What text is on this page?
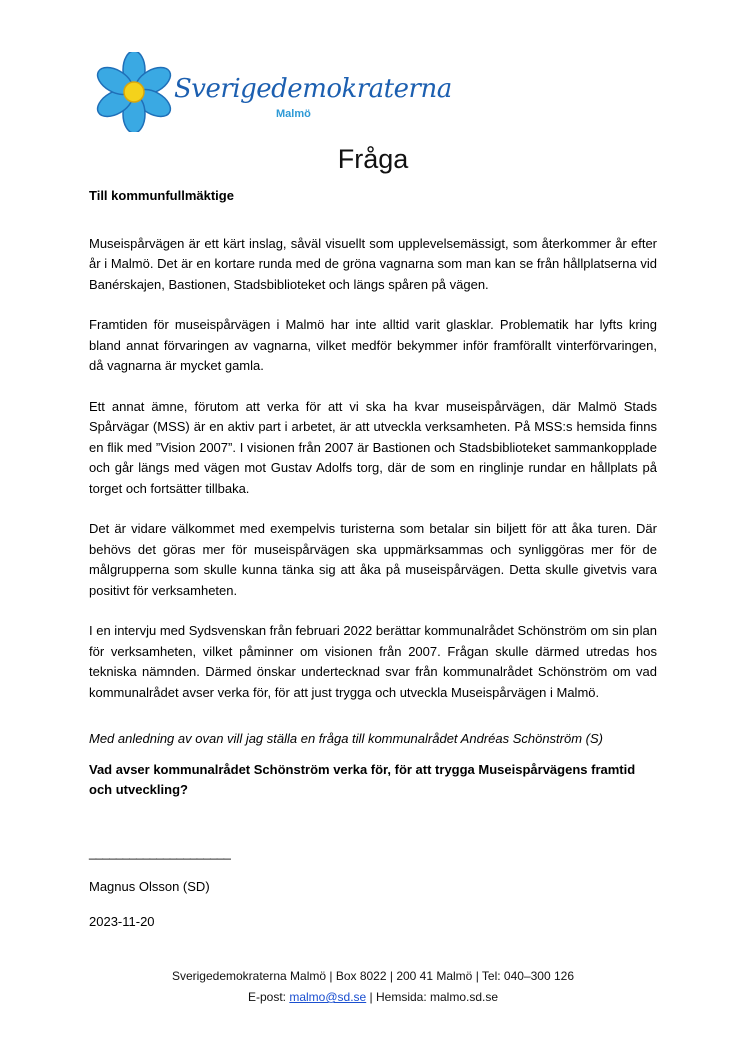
Sverigedemokraterna
Malmö
Fråga

Till kommunfullmäktige

Museispårvägen är ett kärt inslag, såväl visuellt som upplevelsemässigt, som återkommer år efter år i Malmö. Det är en kortare runda med de gröna vagnarna som man kan se från hållplatserna vid Banérskajen, Bastionen, Stadsbiblioteket och längs spåren på vägen.

Framtiden för museispårvägen i Malmö har inte alltid varit glasklar. Problematik har lyfts kring bland annat förvaringen av vagnarna, vilket medför bekymmer inför framförallt vinterförvaringen, då vagnarna är mycket gamla.

Ett annat ämne, förutom att verka för att vi ska ha kvar museispårvägen, där Malmö Stads Spårvägar (MSS) är en aktiv part i arbetet, är att utveckla verksamheten. På MSS:s hemsida finns en flik med ”Vision 2007”. I visionen från 2007 är Bastionen och Stadsbiblioteket sammankopplade och går längs med vägen mot Gustav Adolfs torg, där de som en ringlinje rundar en hållplats på torget och fortsätter tillbaka.

Det är vidare välkommet med exempelvis turisterna som betalar sin biljett för att åka turen. Där behövs det göras mer för museispårvägen ska uppmärksammas och synliggöras mer för de målgrupperna som skulle kunna tänka sig att åka på museispårvägen. Detta skulle givetvis vara positivt för verksamheten.

I en intervju med Sydsvenskan från februari 2022 berättar kommunalrådet Schönström om sin plan för verksamheten, vilket påminner om visionen från 2007. Frågan skulle därmed utredas hos tekniska nämnden. Därmed önskar undertecknad svar från kommunalrådet Schönström om vad kommunalrådet avser verka för, för att just trygga och utveckla Museispårvägen i Malmö.

Med anledning av ovan vill jag ställa en fråga till kommunalrådet Andréas Schönström (S)

Vad avser kommunalrådet Schönström verka för, för att trygga Museispårvägens framtid och utveckling?

_____________________

Magnus Olsson (SD)

2023-11-20

Sverigedemokraterna Malmö | Box 8022 | 200 41 Malmö | Tel: 040–300 126

E-post: malmo@sd.se | Hemsida: malmo.sd.se
